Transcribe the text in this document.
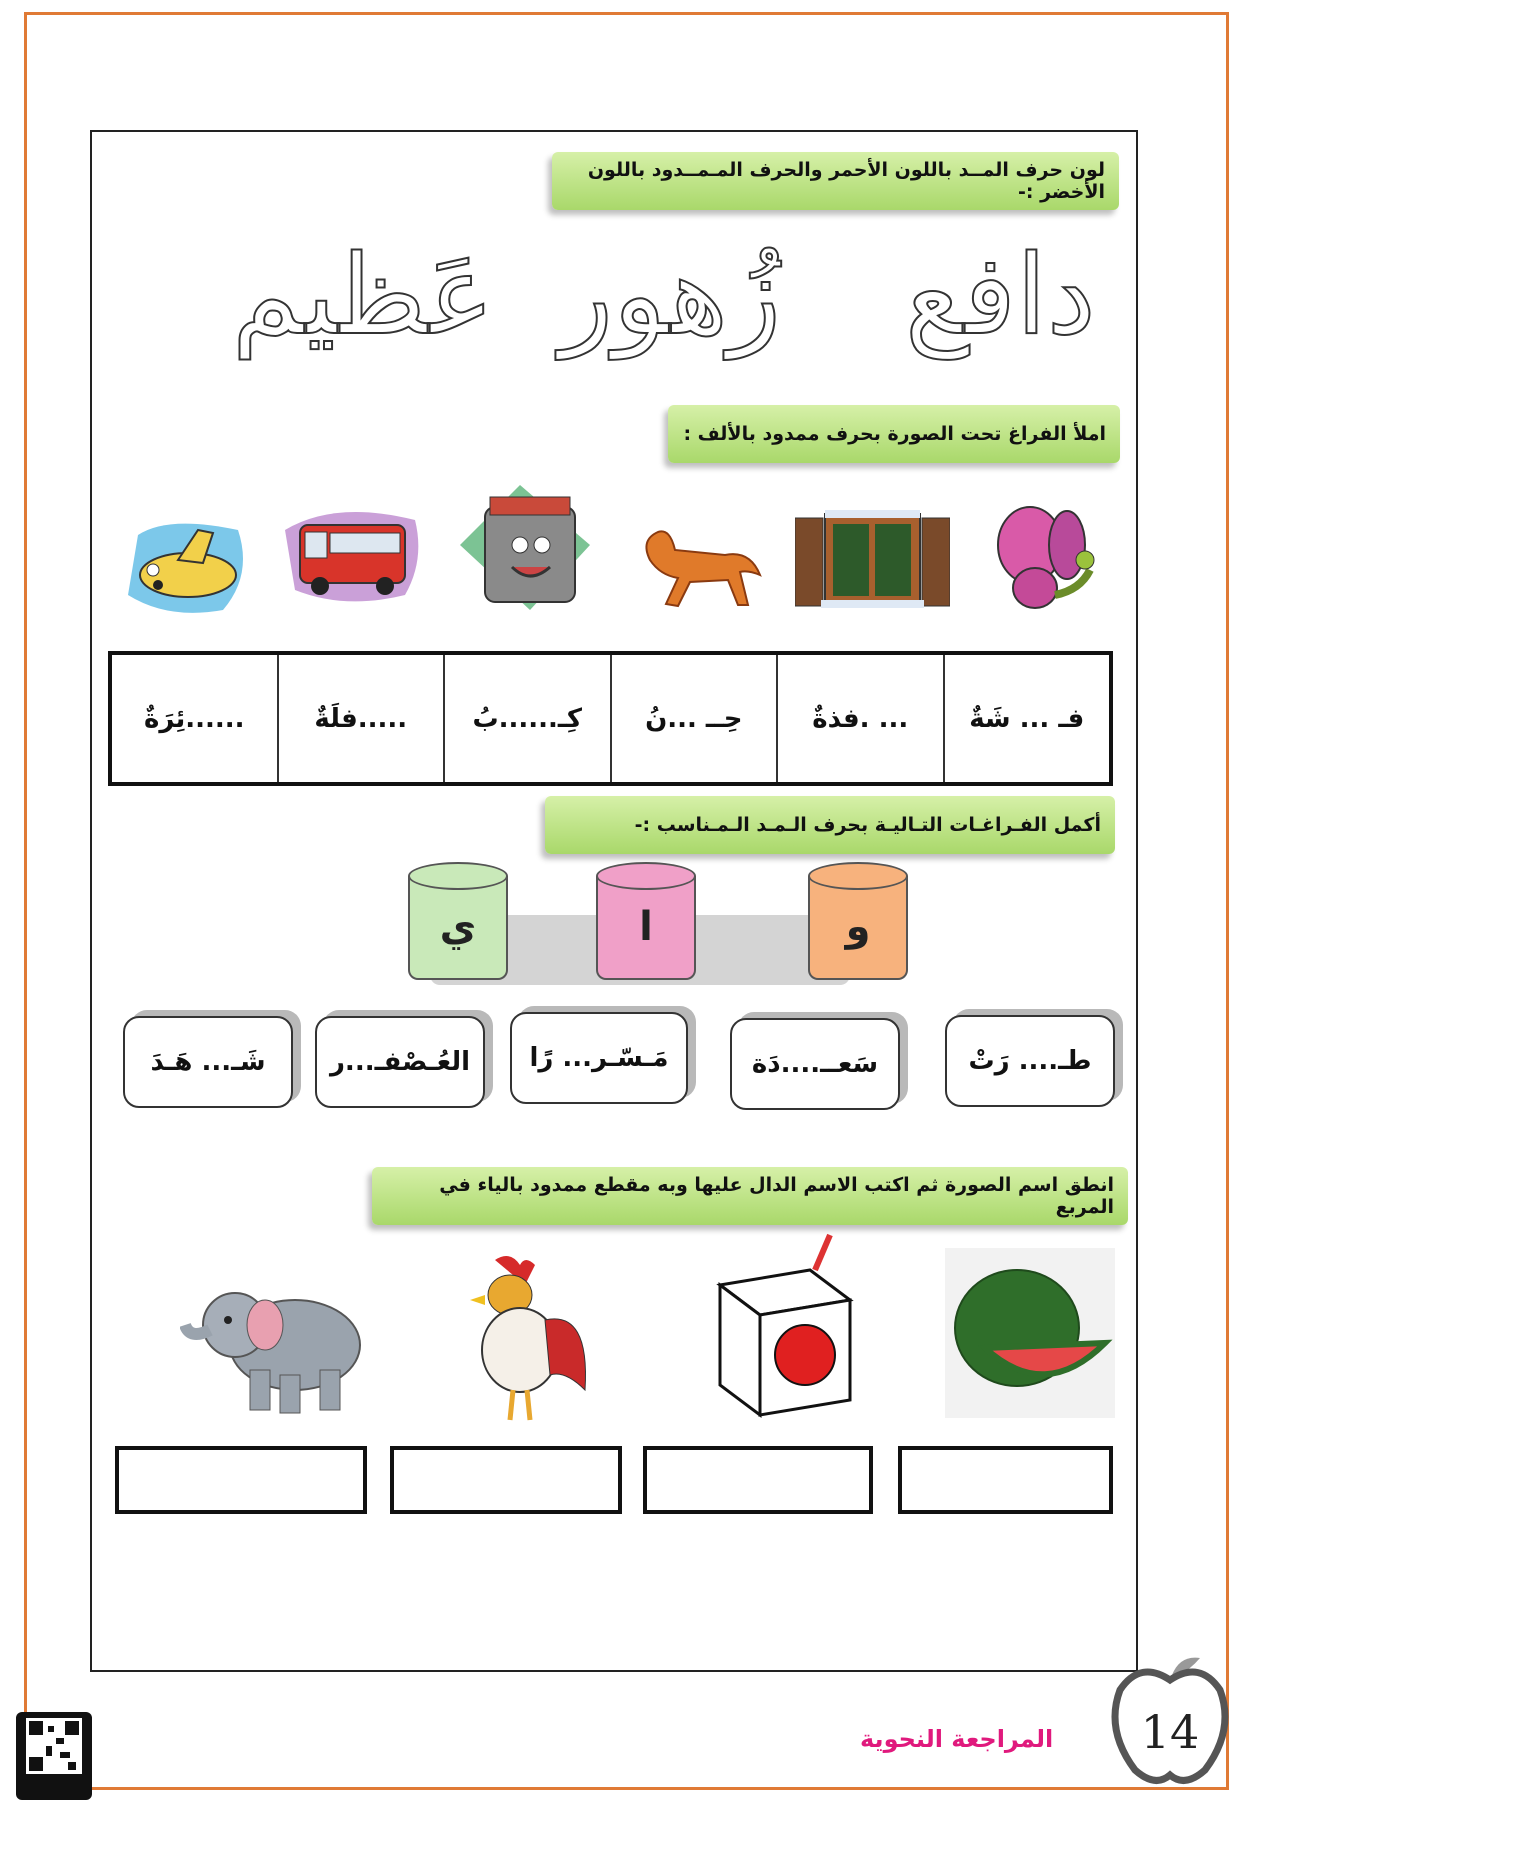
لون حرف المــد باللون الأحمر والحرف المـمــدود باللون الأخضر :-
دافع
زُهور
عَظيم
املأ الفراغ تحت الصورة بحرف ممدود بالألف :
فـ ... شَةٌ
... .فذةٌ
حِــ ...نُ
كِـ......بُ
.....فلَةٌ
......ئِرَةٌ
أكمل الفـراغـات التـاليـة بحرف الـمـد الـمـناسب :-
و
ا
ي
طـ.... رَتْ
سَعــ....دَة
مَـسّـر... رًا
العُـصْفـ...ر
شَـ... هَـدَ
انطق اسم الصورة ثم اكتب الاسم الدال عليها وبه مقطع ممدود بالياء في المربع
14
المراجعة النحوية
